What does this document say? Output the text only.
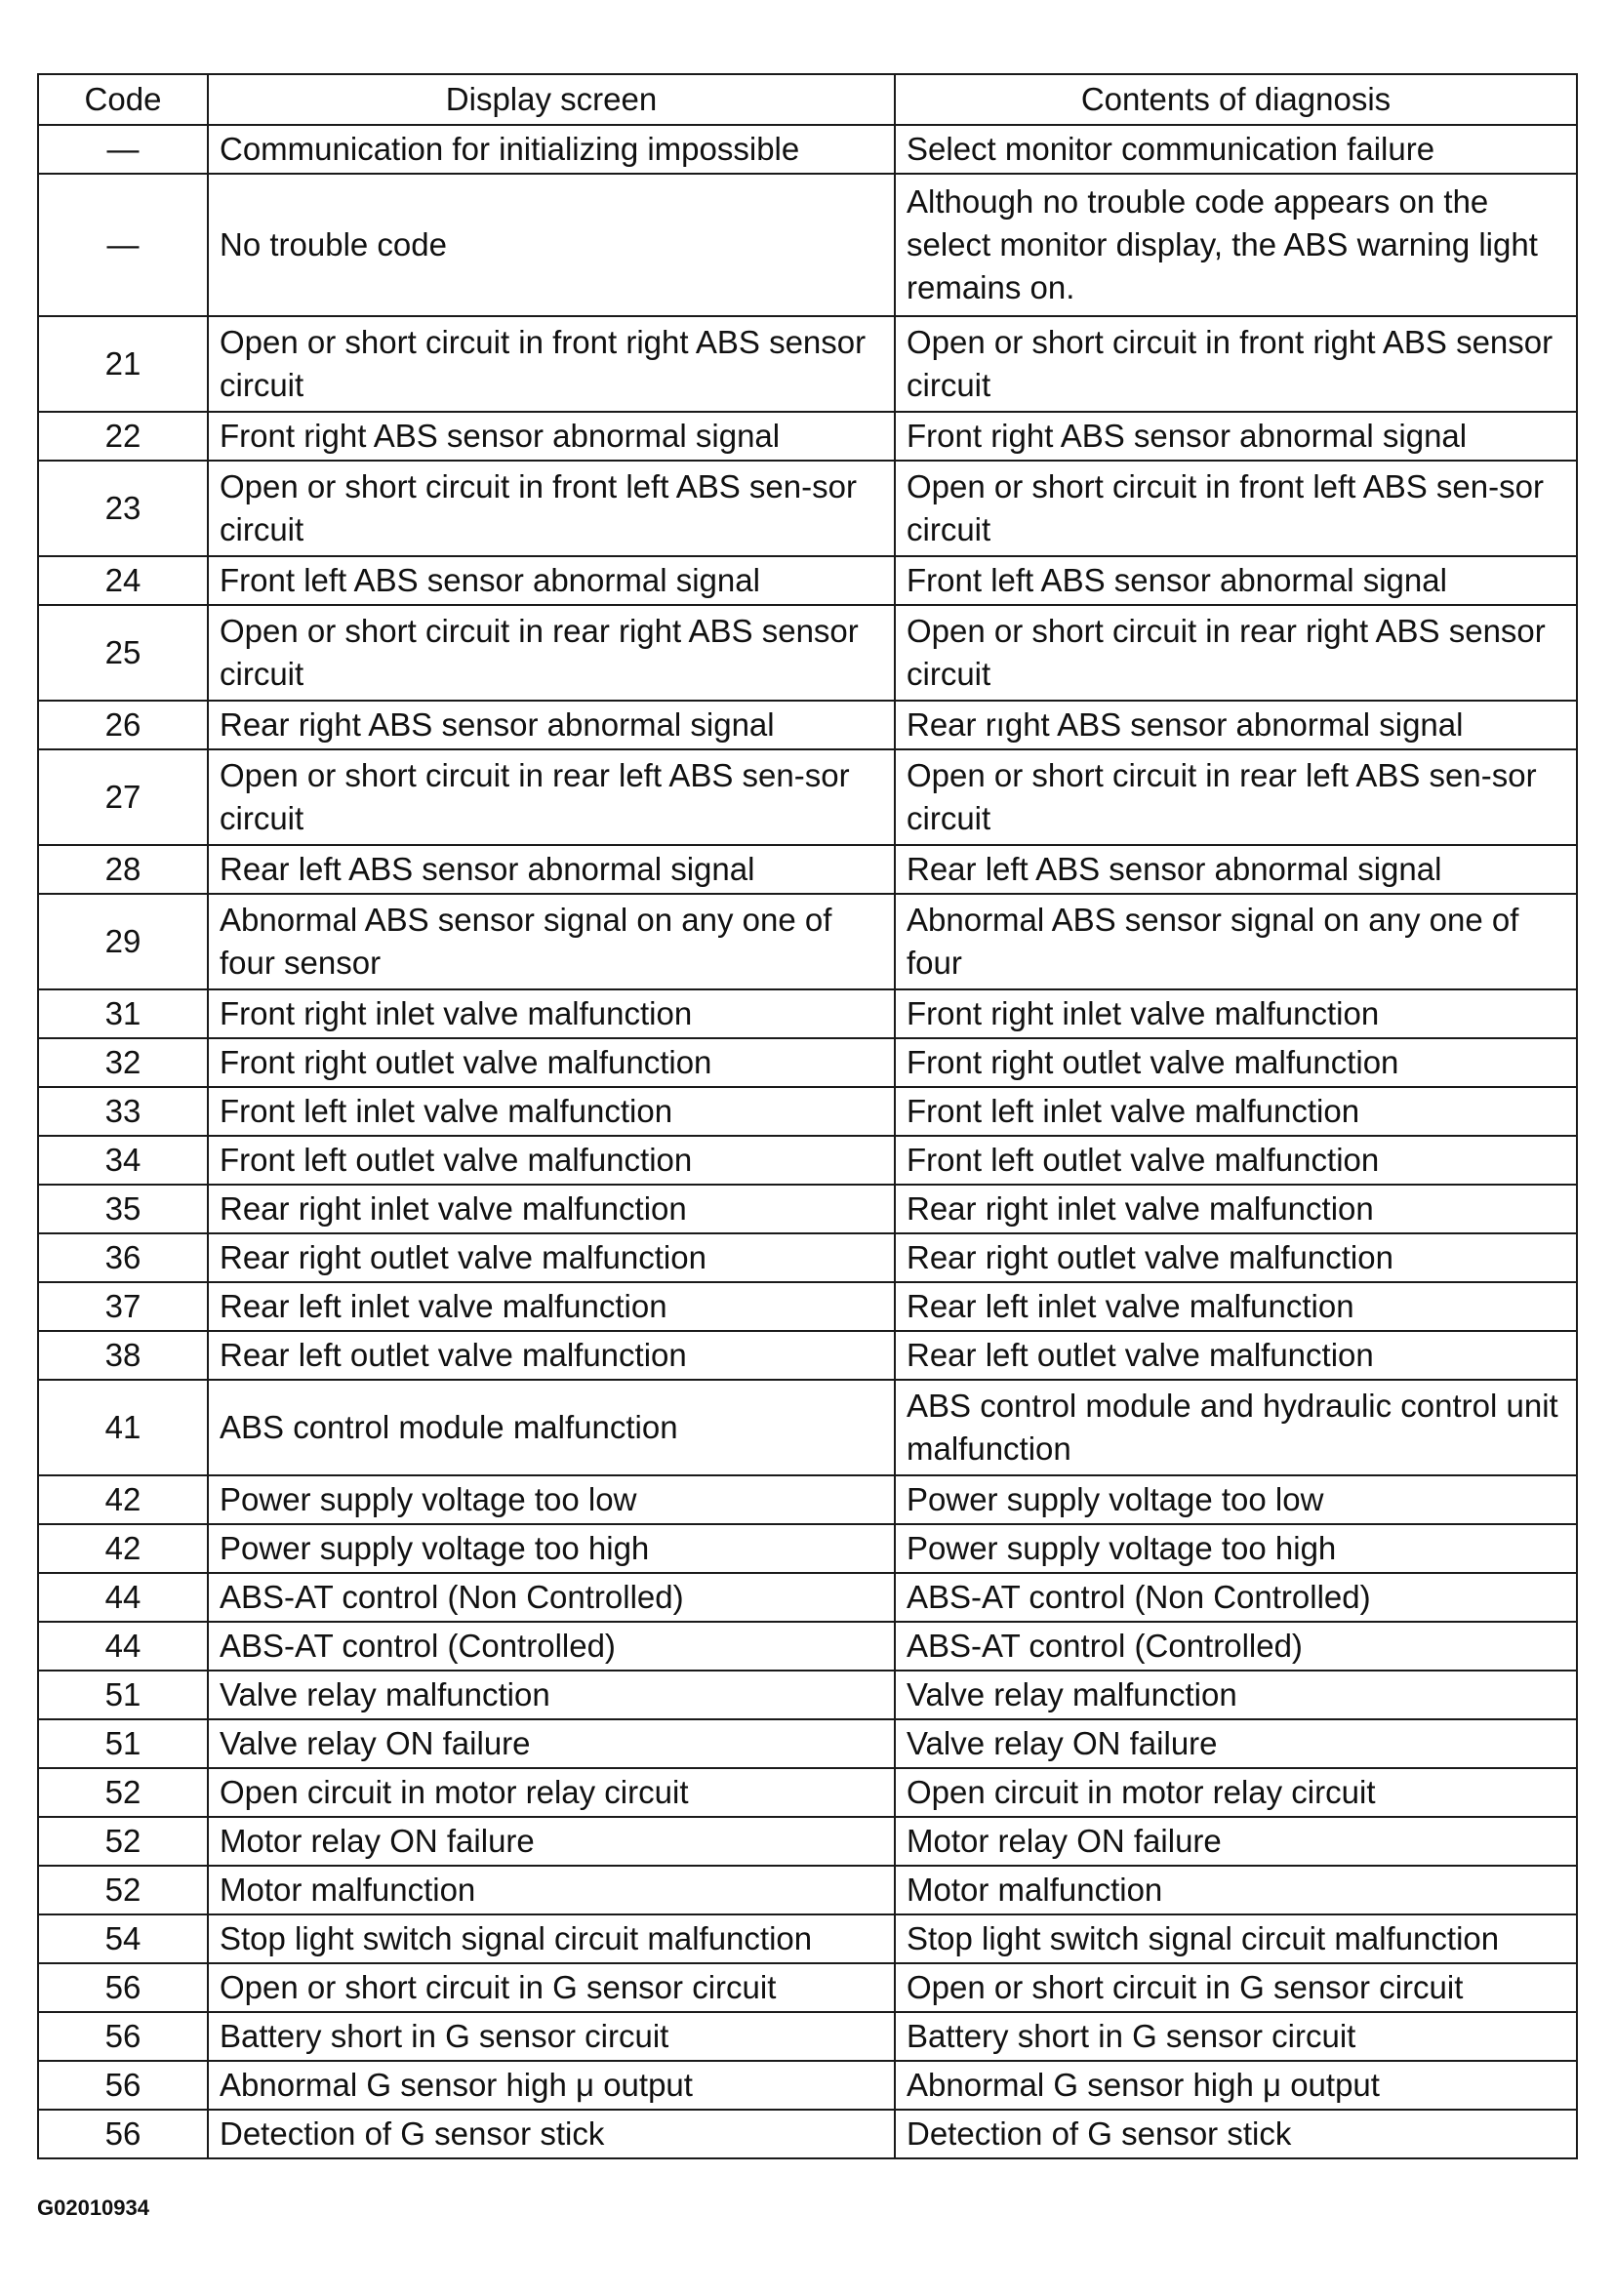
Code	Display screen	Contents of diagnosis
—	Communication for initializing impossible	Select monitor communication failure
—	No trouble code	Although no trouble code appears on the select monitor display, the ABS warning light remains on.
21	Open or short circuit in front right ABS sensor circuit	Open or short circuit in front right ABS sensor circuit
22	Front right ABS sensor abnormal signal	Front right ABS sensor abnormal signal
23	Open or short circuit in front left ABS sen-sor circuit	Open or short circuit in front left ABS sen-sor circuit
24	Front left ABS sensor abnormal signal	Front left ABS sensor abnormal signal
25	Open or short circuit in rear right ABS sensor circuit	Open or short circuit in rear right ABS sensor circuit
26	Rear right ABS sensor abnormal signal	Rear rıght ABS sensor abnormal signal
27	Open or short circuit in rear left ABS sen-sor circuit	Open or short circuit in rear left ABS sen-sor circuit
28	Rear left ABS sensor abnormal signal	Rear left ABS sensor abnormal signal
29	Abnormal ABS sensor signal on any one of four sensor	Abnormal ABS sensor signal on any one of four
31	Front right inlet valve malfunction	Front right inlet valve malfunction
32	Front right outlet valve malfunction	Front right outlet valve malfunction
33	Front left inlet valve malfunction	Front left inlet valve malfunction
34	Front left outlet valve malfunction	Front left outlet valve malfunction
35	Rear right inlet valve malfunction	Rear right inlet valve malfunction
36	Rear right outlet valve malfunction	Rear right outlet valve malfunction
37	Rear left inlet valve malfunction	Rear left inlet valve malfunction
38	Rear left outlet valve malfunction	Rear left outlet valve malfunction
41	ABS control module malfunction	ABS control module and hydraulic control unit malfunction
42	Power supply voltage too low	Power supply voltage too low
42	Power supply voltage too high	Power supply voltage too high
44	ABS-AT control (Non Controlled)	ABS-AT control (Non Controlled)
44	ABS-AT control (Controlled)	ABS-AT control (Controlled)
51	Valve relay malfunction	Valve relay malfunction
51	Valve relay ON failure	Valve relay ON failure
52	Open circuit in motor relay circuit	Open circuit in motor relay circuit
52	Motor relay ON failure	Motor relay ON failure
52	Motor malfunction	Motor malfunction
54	Stop light switch signal circuit malfunction	Stop light switch signal circuit malfunction
56	Open or short circuit in G sensor circuit	Open or short circuit in G sensor circuit
56	Battery short in G sensor circuit	Battery short in G sensor circuit
56	Abnormal G sensor high μ output	Abnormal G sensor high μ output
56	Detection of G sensor stick	Detection of G sensor stick
G02010934
